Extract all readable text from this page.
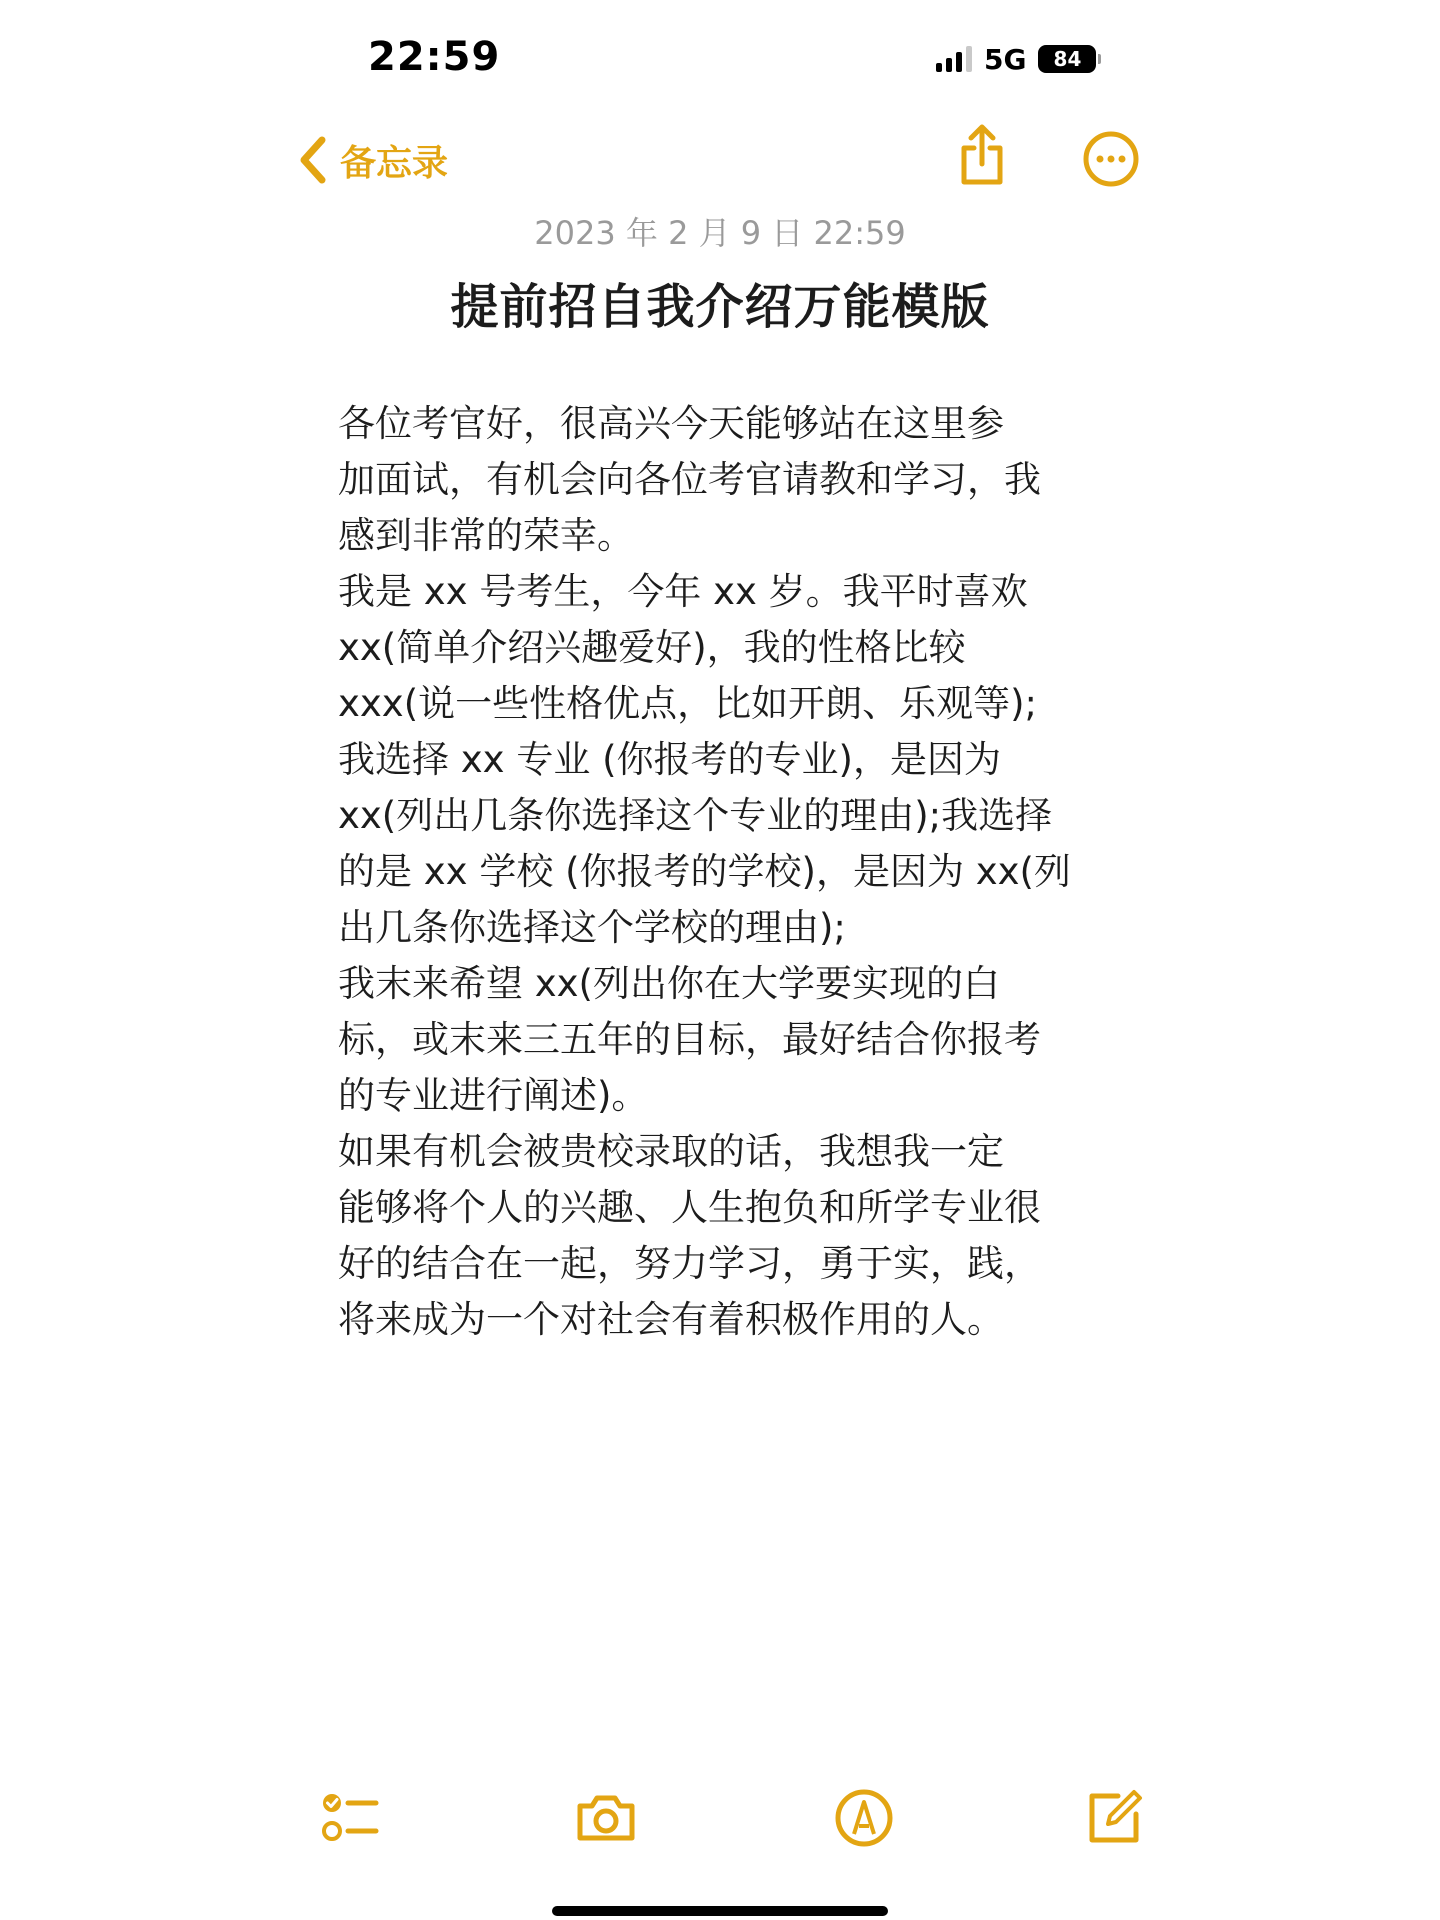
22:59	5G	84
备忘录
2023 年 2 月 9 日 22:59
提前招自我介绍万能模版
各位考官好，很高兴今天能够站在这里参
加面试，有机会向各位考官请教和学习，我
感到非常的荣幸。
我是 xx 号考生，今年 xx 岁。我平时喜欢
xx(简单介绍兴趣爱好)，我的性格比较
xxx(说一些性格优点，比如开朗、乐观等);
我选择 xx 专业 (你报考的专业)，是因为
xx(列出几条你选择这个专业的理由);我选择
的是 xx 学校 (你报考的学校)，是因为 xx(列
出几条你选择这个学校的理由);
我末来希望 xx(列出你在大学要实现的白
标，或末来三五年的目标，最好结合你报考
的专业进行阐述)。
如果有机会被贵校录取的话，我想我一定
能够将个人的兴趣、人生抱负和所学专业很
好的结合在一起，努力学习，勇于实，践，
将来成为一个对社会有着积极作用的人。
